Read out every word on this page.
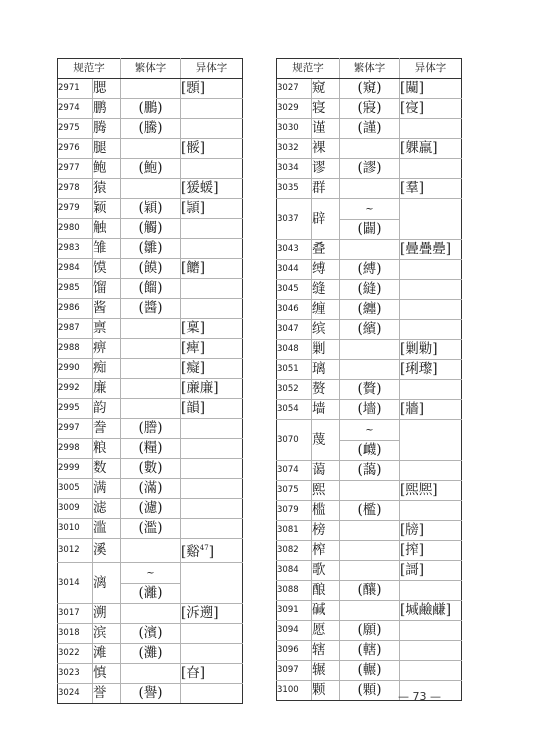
规范字		繁体字	异体字
2971	腮		[顋]
2974	鹏	(鵬)	
2975	腾	(騰)	
2976	腿		[骽]
2977	鲍	(鮑)	
2978	猿		[猨蝯]
2979	颖	(穎)	[頴]
2980	触	(觸)	
2983	雏	(雛)	
2984	馍	(饃)	[饝]
2985	馏	(餾)	
2986	酱	(醬)	
2987	禀		[稟]
2988	痹		[痺]
2990	痴		[癡]
2992	廉		[亷廉]
2995	韵		[韻]
2997	誊	(謄)	
2998	粮	(糧)	
2999	数	(數)	
3005	满	(滿)	
3009	滤	(濾)	
3010	滥	(濫)	
3012	溪		[谿$^{47}$]
3014	漓	~	
		(灕)	
3017	溯		[泝遡]
3018	滨	(濱)	
3022	滩	(灘)	
3023	慎		[昚]
3024	誉	(譽)	
规范字		繁体字	异体字
3027	窥	(窺)	[闚]
3029	寝	(寢)	[寑]
3030	谨	(謹)	
3032	裸		[躶羸]
3034	谬	(謬)	
3035	群		[羣]
3037	辟	~	
		(闢)	
3043	叠		[曡疊疉]
3044	缚	(縛)	
3045	缝	(縫)	
3046	缠	(纏)	
3047	缤	(繽)	
3048	剿		[剿勦]
3051	璃		[琍瓈]
3052	赘	(贅)	
3054	墙	(墻)	[牆]
3070	蔑	~	
		(衊)	
3074	蔼	(藹)	
3075	熙		[煕熈]
3079	槛	(檻)	
3081	榜		[牓]
3082	榨		[搾]
3084	歌		[謌]
3088	酿	(釀)	
3091	碱		[堿鹼鹻]
3094	愿	(願)	
3096	辖	(轄)	
3097	辗	(輾)	
3100	颗	(顆)	— 73 —
